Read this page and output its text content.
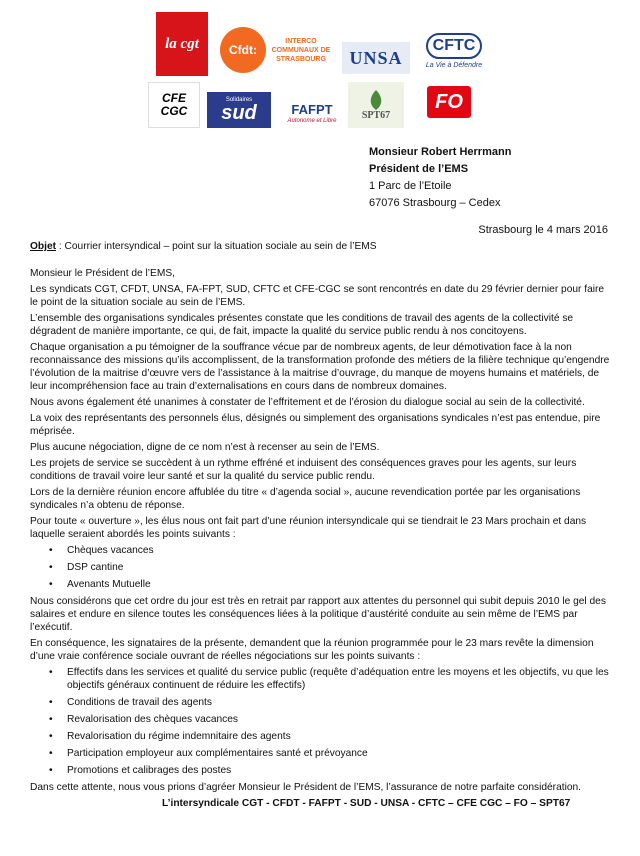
la cgt	Cfdt:
INTERCO COMMUNAUX DE STRASBOURG	UNSA
CFTC
La Vie à Défendre
CFE CGC
Solidaires
sud	FAFPT
Autonome et Libre	SPT67
FO
Monsieur Robert Herrmann
Président de l’EMS
1 Parc de l’Etoile
67076 Strasbourg – Cedex
Strasbourg le 4 mars 2016

Objet : Courrier intersyndical – point sur la situation sociale au sein de l’EMS

Monsieur le Président de l’EMS,

Les syndicats CGT, CFDT, UNSA, FA-FPT, SUD, CFTC et CFE-CGC se sont rencontrés en date du 29 février dernier pour faire le point de la situation sociale au sein de l’EMS.

L’ensemble des organisations syndicales présentes constate que les conditions de travail des agents de la collectivité se dégradent de manière importante, ce qui, de fait, impacte la qualité du service public rendu à nos concitoyens.

Chaque organisation a pu témoigner de la souffrance vécue par de nombreux agents, de leur démotivation face à la non reconnaissance des missions qu’ils accomplissent, de la transformation profonde des métiers de la filière technique qu’engendre l’évolution de la maitrise d’œuvre vers de l’assistance à la maitrise d’ouvrage, du manque de moyens humains et matériels, de leur incompréhension face au train d’externalisations en cours dans de nombreux domaines.

Nous avons également été unanimes à constater de l’effritement et de l’érosion du dialogue social au sein de la collectivité.

La voix des représentants des personnels élus, désignés ou simplement des organisations syndicales n’est pas entendue, pire méprisée.

Plus aucune négociation, digne de ce nom n’est à recenser au sein de l’EMS.

Les projets de service se succèdent à un rythme effréné et induisent des conséquences graves pour les agents, sur leurs conditions de travail voire leur santé et sur la qualité du service public rendu.

Lors de la dernière réunion encore affublée du titre « d’agenda social », aucune revendication portée par les organisations syndicales n’a obtenu de réponse.

Pour toute « ouverture », les élus nous ont fait part d’une réunion intersyndicale qui se tiendrait le 23 Mars prochain et dans laquelle seraient abordés les points suivants :

• Chèques vacances
• DSP cantine
• Avenants Mutuelle

Nous considérons que cet ordre du jour est très en retrait par rapport aux attentes du personnel qui subit depuis 2010 le gel des salaires et endure en silence toutes les conséquences liées à la politique d’austérité conduite au sein même de l’EMS par l’exécutif.

En conséquence, les signataires de la présente, demandent que la réunion programmée pour le 23 mars revête la dimension d’une vraie conférence sociale ouvrant de réelles négociations sur les points suivants :

• Effectifs dans les services et qualité du service public (requête d’adéquation entre les moyens et les objectifs, vu que les objectifs généraux continuent de réduire les effectifs)
• Conditions de travail des agents
• Revalorisation des chèques vacances
• Revalorisation du régime indemnitaire des agents
• Participation employeur aux complémentaires santé et prévoyance
• Promotions et calibrages des postes

Dans cette attente, nous vous prions d’agréer Monsieur le Président de l’EMS, l’assurance de notre parfaite considération.

L’intersyndicale CGT - CFDT - FAFPT - SUD - UNSA - CFTC – CFE CGC – FO – SPT67
